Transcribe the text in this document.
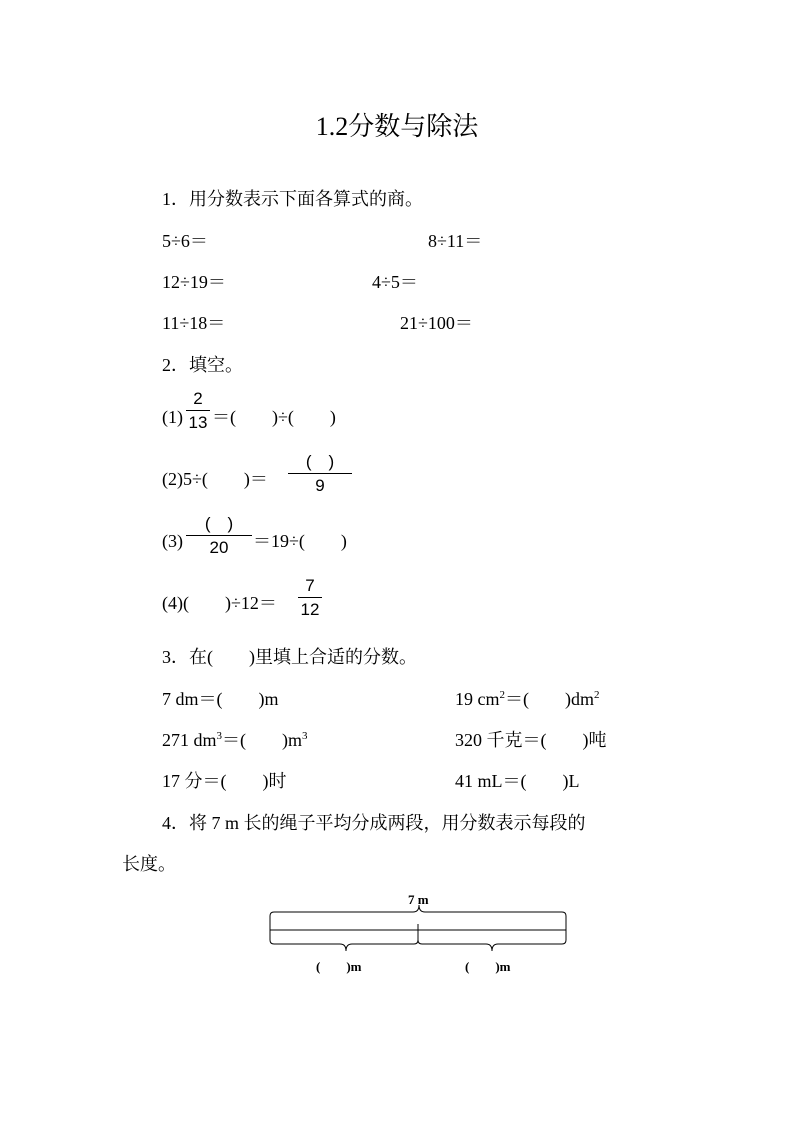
1.2分数与除法
1．用分数表示下面各算式的商。
5÷6＝	8÷11＝
12÷19＝	4÷5＝
11÷18＝	21÷100＝
2．填空。
(1)
2
13 ＝(　　)÷(　　)
(2)5÷(　　)＝
(　)
9
(3)
(　)
20	＝19÷(　　)
(4)(　　)÷12＝
7
12
3．在(　　)里填上合适的分数。
7 dm＝(　　)m	19 $cm^2=$(　　)$dm^2$
271 $dm^3=$(　　)$m^3$	320 千克＝(　　)吨
17 分＝(　　)时	41 mL＝(　　)L
4．将 7 m 长的绳子平均分成两段，用分数表示每段的
长度。
7 m
(　　)m	(　　)m
